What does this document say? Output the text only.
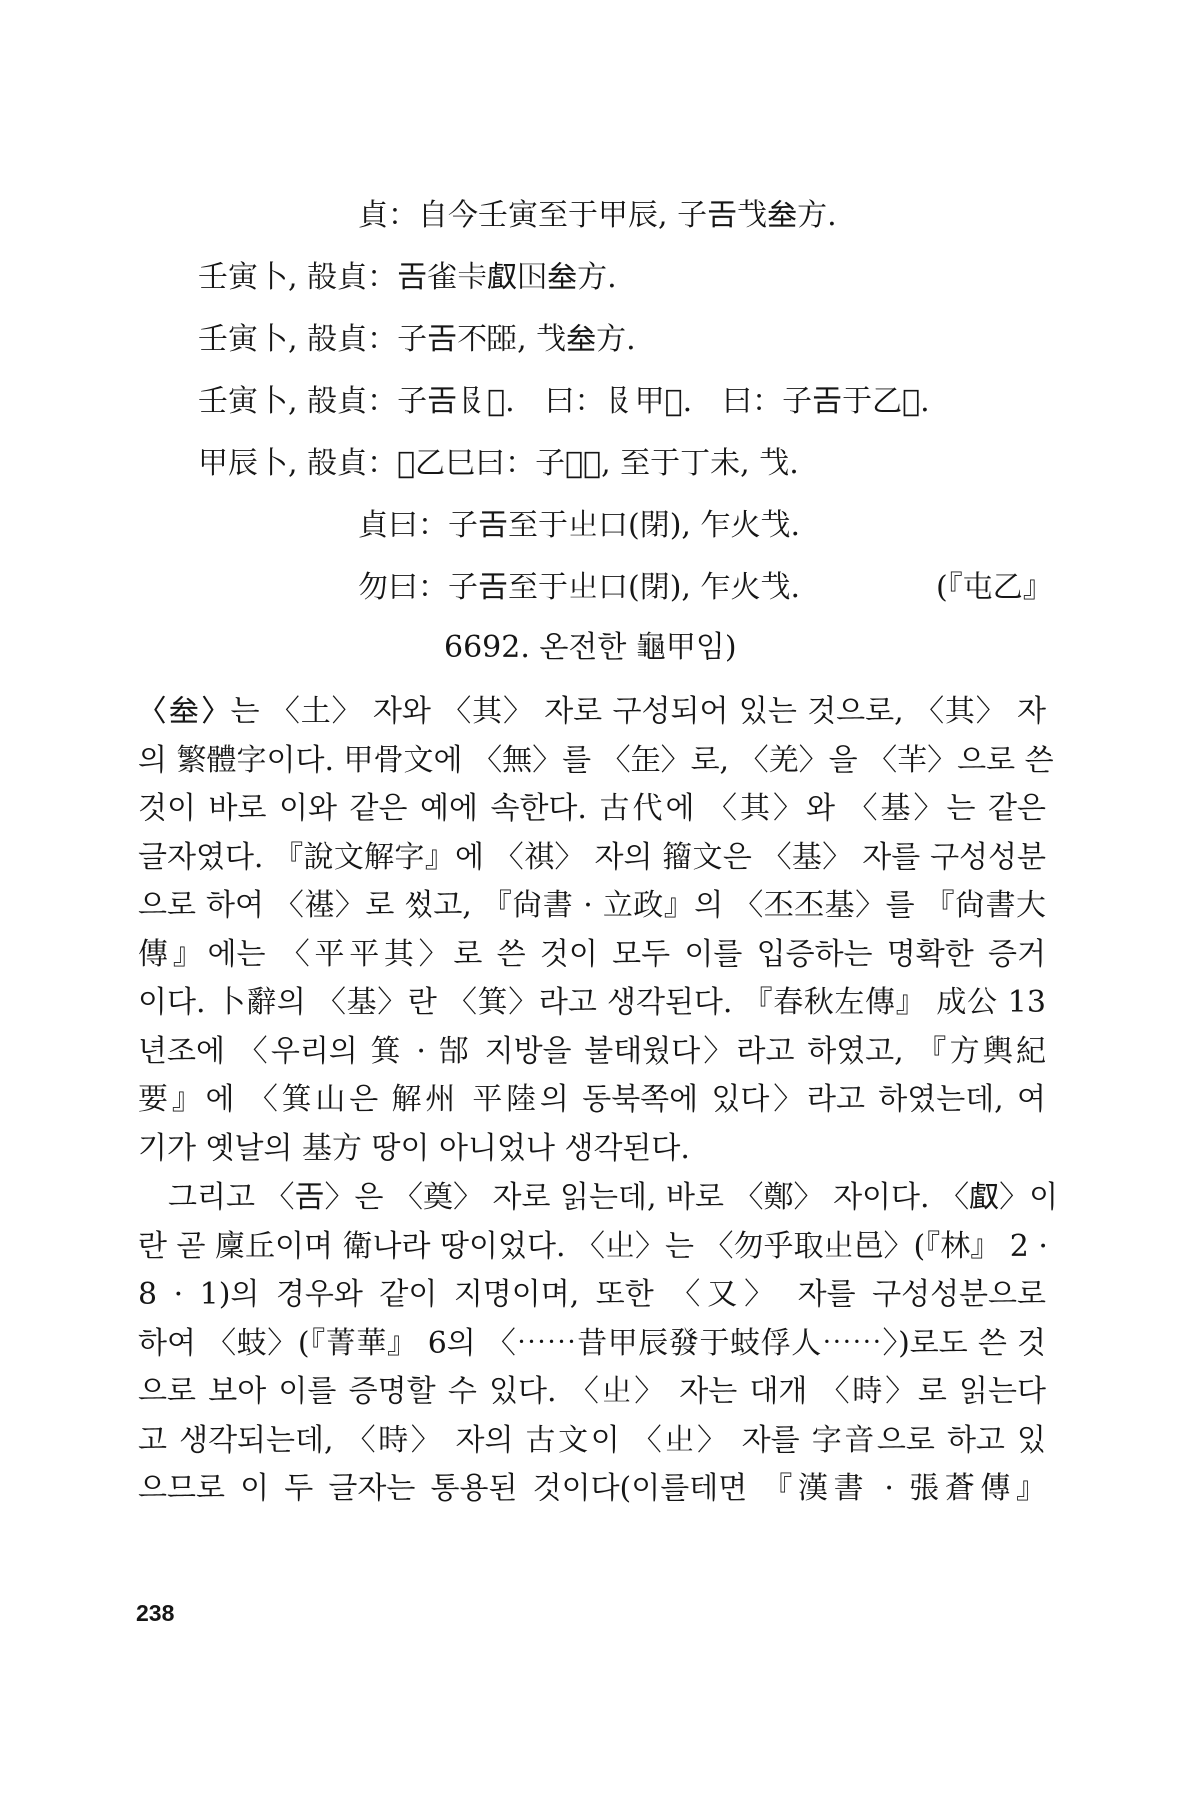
貞：自今壬寅至于甲辰, 子𢀛𢦏𡊄方.
壬寅卜, 㱿貞：𢀛雀𠧗𠭯𡆥𡊄方.
壬寅卜, 㱿貞：子𢀛不𦣦, 𢦏𡊄方.
壬寅卜, 㱿貞：子𢀛𠬝𦎫.　曰：𠬝甲𦎫.　曰：子𢀛于乙𦎫.
甲辰卜, 㱿貞：𦏲乙巳曰：子𢀛𦎫, 至于丁未, 𢦏.
貞曰：子𢀛至于𡳿口(閉), 乍火𢦏.
勿曰：子𢀛至于𡳿口(閉), 乍火𢦏.	(『屯乙』
6692. 온전한 龜甲임)
〈𡊄〉는 〈土〉 자와 〈其〉 자로 구성되어 있는 것으로, 〈其〉 자
의 繁體字이다. 甲骨文에 〈無〉를 〈𦈢〉로, 〈羌〉을 〈𦍋〉으로 쓴
것이 바로 이와 같은 예에 속한다. 古代에 〈其〉와 〈基〉는 같은
글자였다. 『說文解字』에 〈祺〉 자의 籀文은 〈基〉 자를 구성성분
으로 하여 〈禥〉로 썼고, 『尙書 · 立政』의 〈丕丕基〉를 『尙書大
傳』에는 〈平平其〉로 쓴 것이 모두 이를 입증하는 명확한 증거
이다. 卜辭의 〈基〉란 〈箕〉라고 생각된다. 『春秋左傳』 成公 13
년조에 〈우리의 箕 · 郜 지방을 불태웠다〉라고 하였고, 『方輿紀
要』에 〈箕山은 解州 平陸의 동북쪽에 있다〉라고 하였는데, 여
기가 옛날의 基方 땅이 아니었나 생각된다.
　그리고 〈𢀛〉은 〈奠〉 자로 읽는데, 바로 〈鄭〉 자이다. 〈𠭯〉이
란 곧 廩丘이며 衛나라 땅이었다. 〈𡳿〉는 〈勿乎取𡳿邑〉(『林』 2 ·
8 · 1)의 경우와 같이 지명이며, 또한 〈又〉 자를 구성성분으로
하여 〈蚑〉(『菁華』 6의 〈⋯⋯昔甲辰發于蚑俘人⋯⋯〉)로도 쓴 것
으로 보아 이를 증명할 수 있다. 〈𡳿〉 자는 대개 〈時〉로 읽는다
고 생각되는데, 〈時〉 자의 古文이 〈𡳿〉 자를 字音으로 하고 있
으므로 이 두 글자는 통용된 것이다(이를테면 『漢書 · 張蒼傳』
238
